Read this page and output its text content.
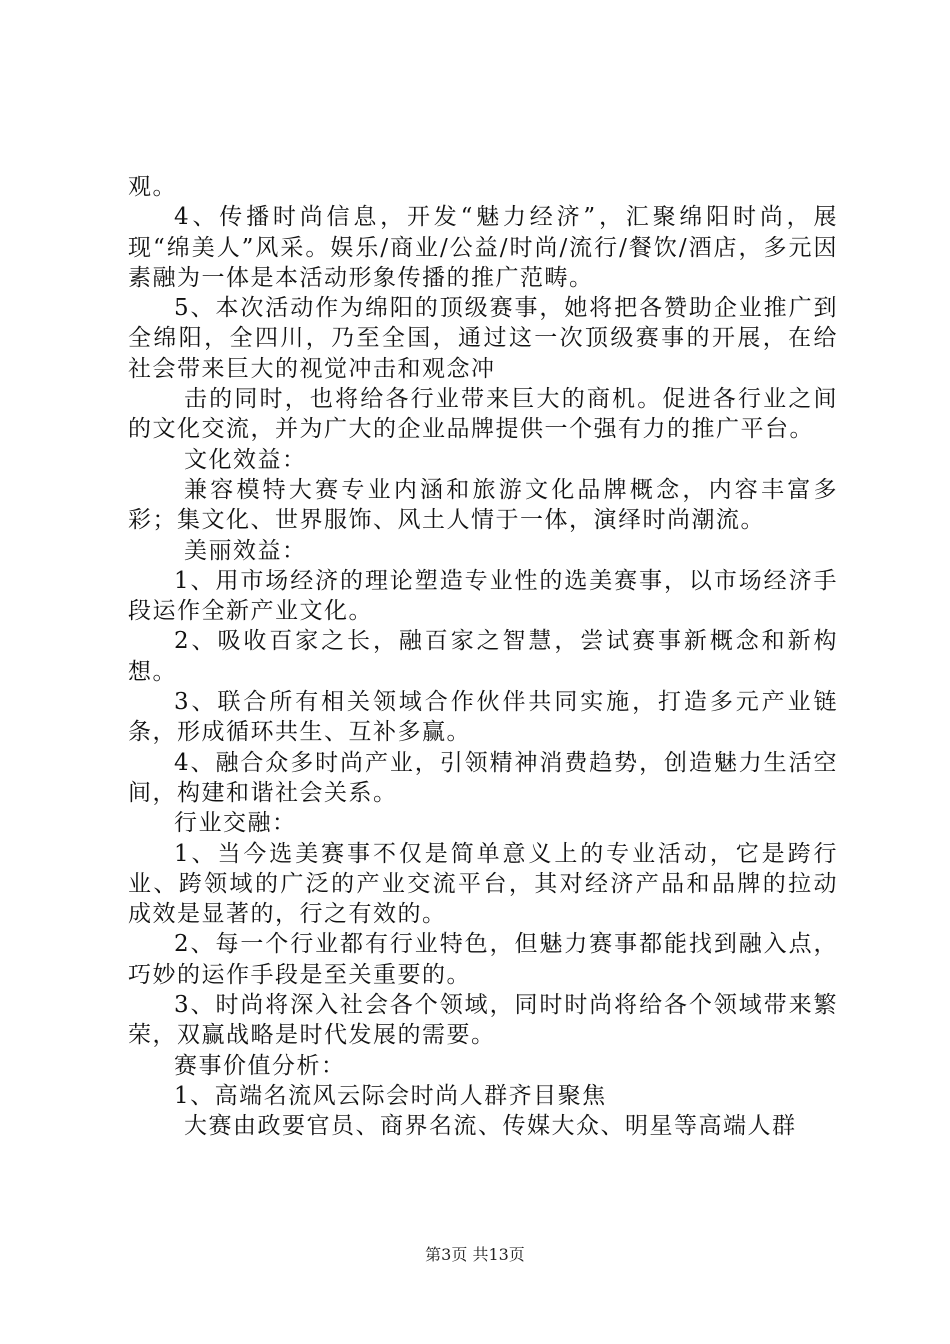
观。

4、传播时尚信息，开发“魅力经济”，汇聚绵阳时尚，展现“绵美人”风采。娱乐/商业/公益/时尚/流行/餐饮/酒店，多元因素融为一体是本活动形象传播的推广范畴。

5、本次活动作为绵阳的顶级赛事，她将把各赞助企业推广到全绵阳，全四川，乃至全国，通过这一次顶级赛事的开展，在给社会带来巨大的视觉冲击和观念冲

击的同时，也将给各行业带来巨大的商机。促进各行业之间的文化交流，并为广大的企业品牌提供一个强有力的推广平台。

文化效益：

兼容模特大赛专业内涵和旅游文化品牌概念，内容丰富多彩；集文化、世界服饰、风土人情于一体，演绎时尚潮流。

美丽效益：

1、用市场经济的理论塑造专业性的选美赛事，以市场经济手段运作全新产业文化。

2、吸收百家之长，融百家之智慧，尝试赛事新概念和新构想。

3、联合所有相关领域合作伙伴共同实施，打造多元产业链条，形成循环共生、互补多赢。

4、融合众多时尚产业，引领精神消费趋势，创造魅力生活空间，构建和谐社会关系。

行业交融：

1、当今选美赛事不仅是简单意义上的专业活动，它是跨行业、跨领域的广泛的产业交流平台，其对经济产品和品牌的拉动成效是显著的，行之有效的。

2、每一个行业都有行业特色，但魅力赛事都能找到融入点，巧妙的运作手段是至关重要的。

3、时尚将深入社会各个领域，同时时尚将给各个领域带来繁荣，双赢战略是时代发展的需要。

赛事价值分析：

1、高端名流风云际会时尚人群齐目聚焦

大赛由政要官员、商界名流、传媒大众、明星等高端人群

第3页 共13页
